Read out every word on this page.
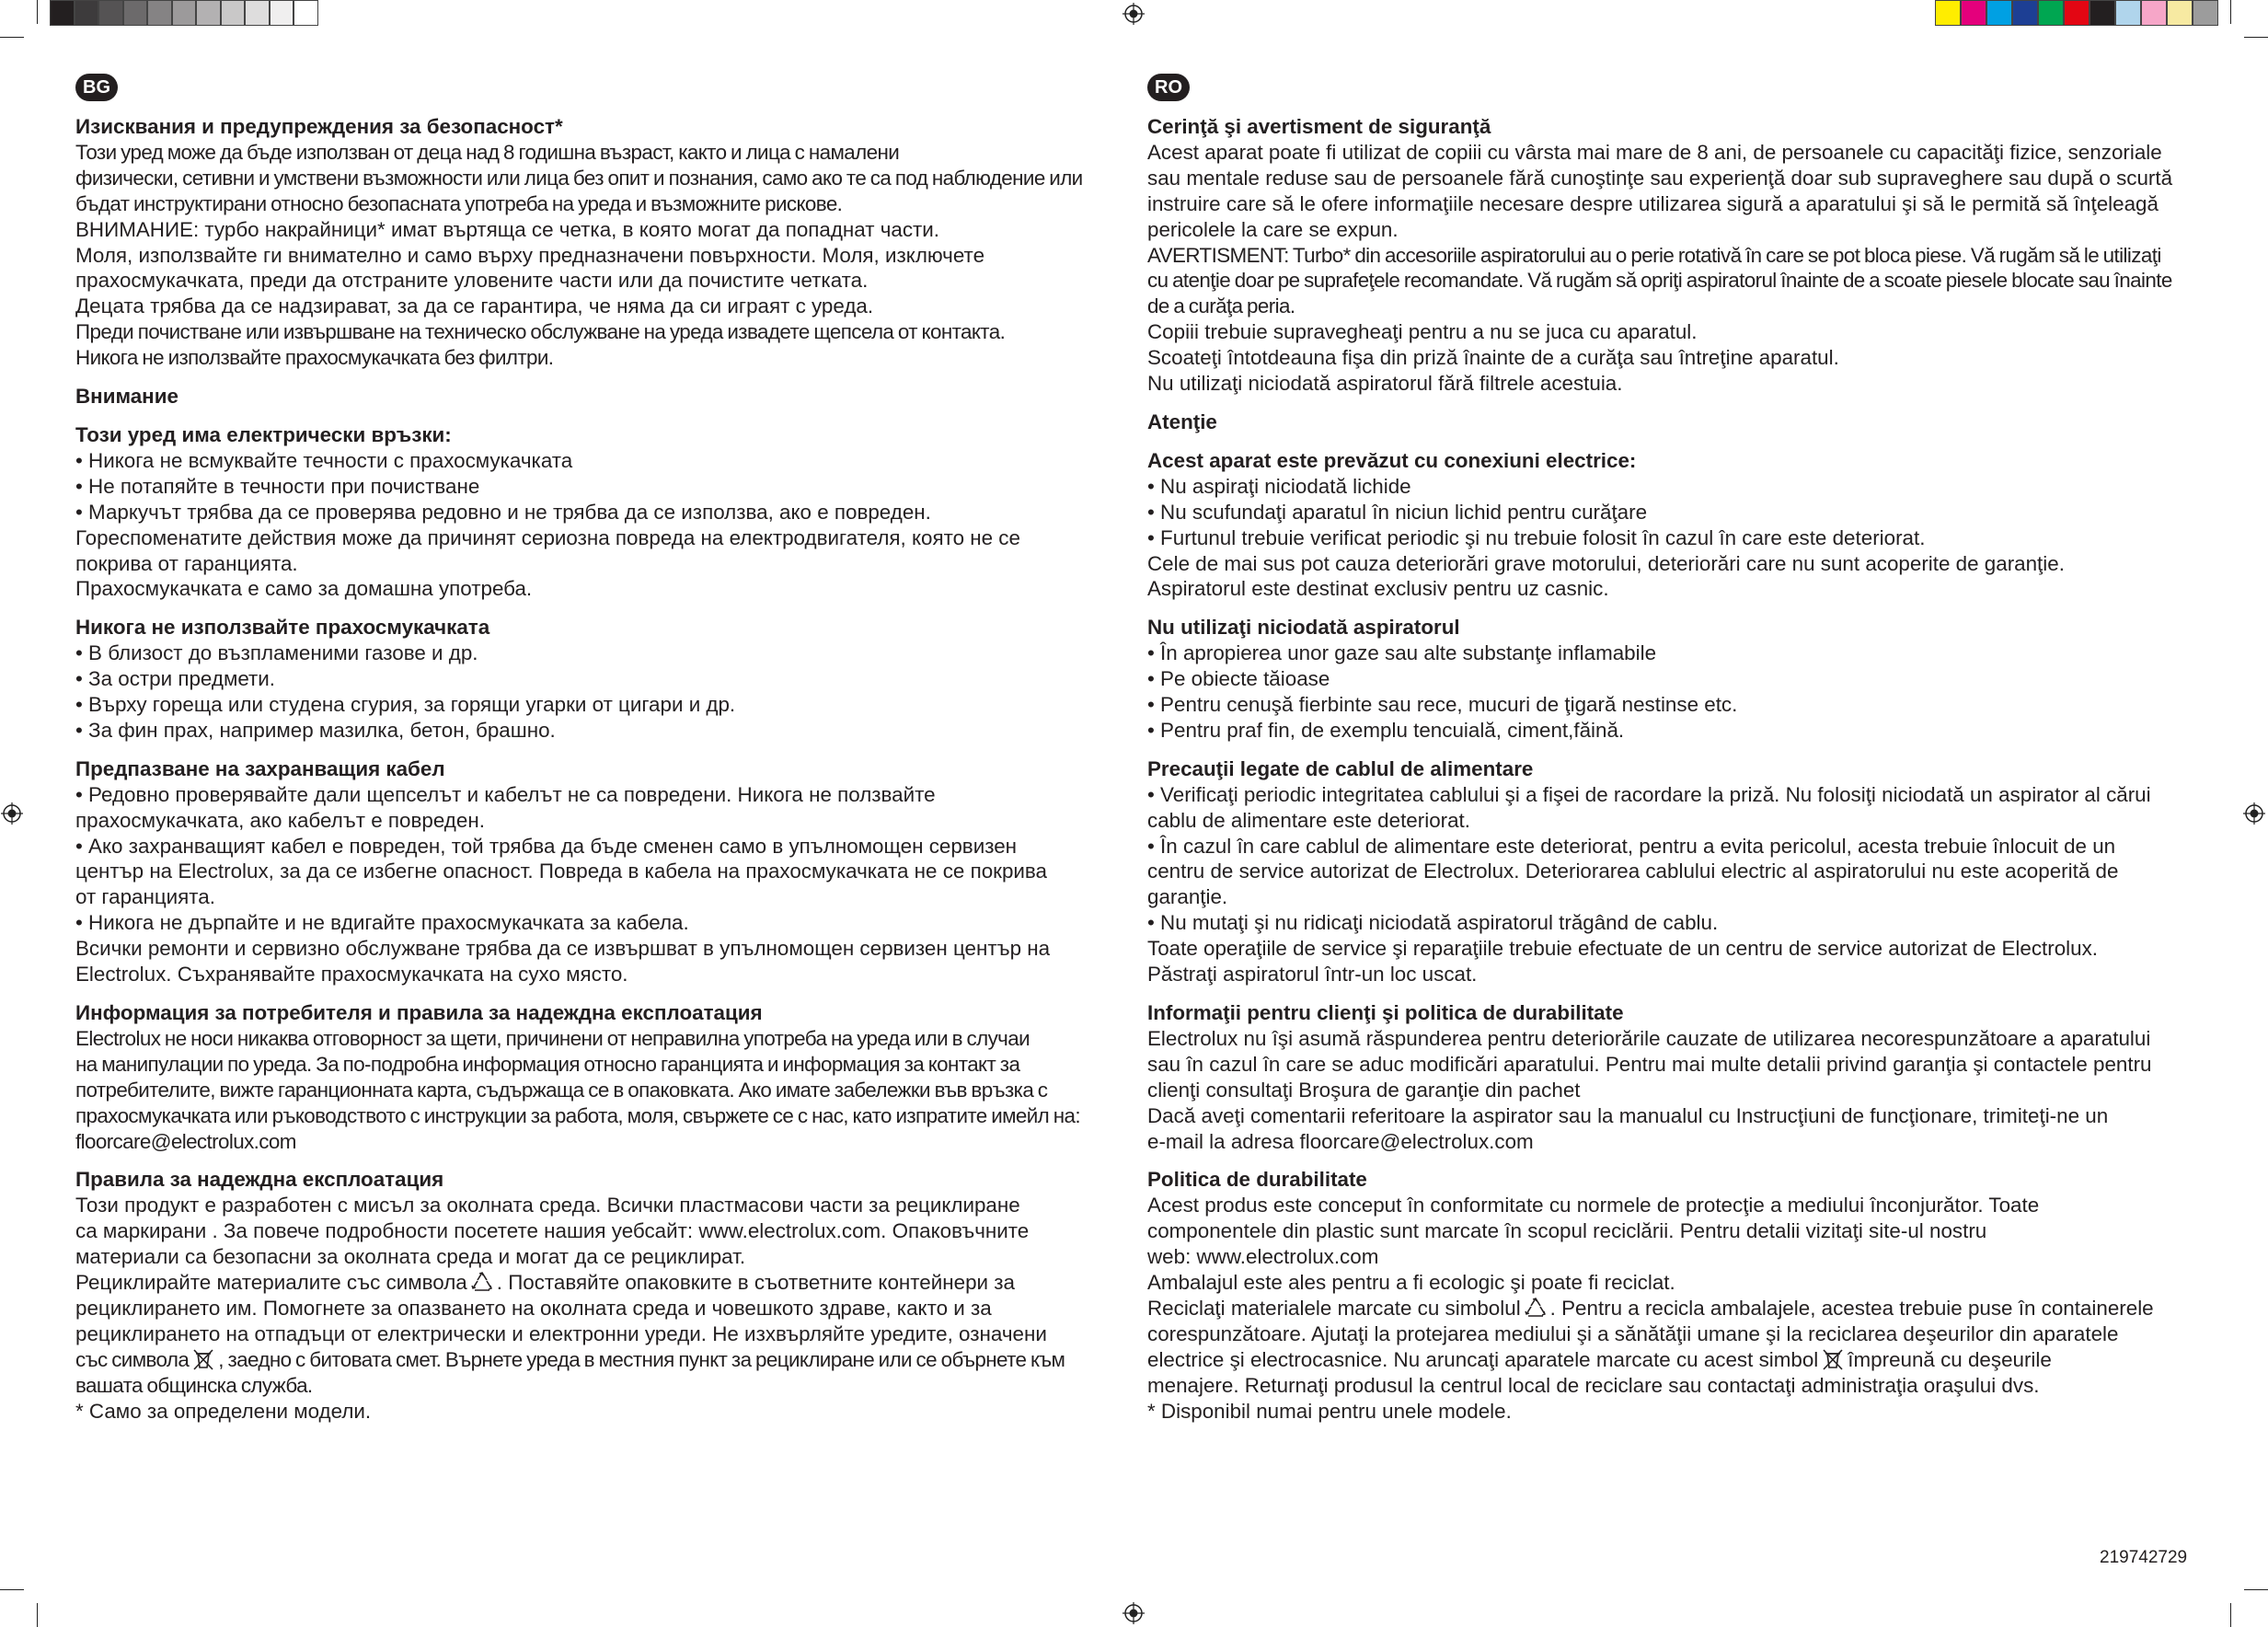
BG
Изисквания и предупреждения за безопасност*

Този уред може да бъде използван от деца над 8 годишна възраст, както и лица с намалени

физически, сетивни и умствени възможности или лица без опит и познания, само ако те са под наблюдение или

бъдат инструктирани относно безопасната употреба на уреда и възможните рискове.

ВНИМАНИЕ: турбо накрайници* имат въртяща се четка, в която могат да попаднат части.

Моля, използвайте ги внимателно и само върху предназначени повърхности. Моля, изключете

прахосмукачката, преди да отстраните уловените части или да почистите четката.

Децата трябва да се надзирават, за да се гарантира, че няма да си играят с уреда.

Преди почистване или извършване на техническо обслужване на уреда извадете щепсела от контакта.

Никога не използвайте прахосмукачката без филтри.

Внимание
Този уред има електрически връзки:

• Никога не всмуквайте течности с прахосмукачката

• Не потапяйте в течности при почистване

• Маркучът трябва да се проверява редовно и не трябва да се използва, ако е повреден.

Гореспоменатите действия може да причинят сериозна повреда на електродвигателя, която не се

покрива от гаранцията.

Прахосмукачката е само за домашна употреба.

Никога не използвайте прахосмукачката

• В близост до възпламеними газове и др.

• За остри предмети.

• Върху гореща или студена сгурия, за горящи угарки от цигари и др.

• За фин прах, например мазилка, бетон, брашно.

Предпазване на захранващия кабел

• Редовно проверявайте дали щепселът и кабелът не са повредени. Никога не ползвайте

прахосмукачката, ако кабелът е повреден.

• Ако захранващият кабел е повреден, той трябва да бъде сменен само в упълномощен сервизен

център на Electrolux, за да се избегне опасност. Повреда в кабела на прахосмукачката не се покрива

от гаранцията.

• Никога не дърпайте и не вдигайте прахосмукачката за кабела.

Всички ремонти и сервизно обслужване трябва да се извършват в упълномощен сервизен център на

Electrolux. Съхранявайте прахосмукачката на сухо място.

Информация за потребителя и правила за надеждна експлоатация

Electrolux не носи никаква отговорност за щети, причинени от неправилна употреба на уреда или в случаи

на манипулации по уреда. За по-подробна информация относно гаранцията и информация за контакт за

потребителите, вижте гаранционната карта, съдържаща се в опаковката. Ако имате забележки във връзка с

прахосмукачката или ръководството с инструкции за работа, моля, свържете се с нас, като изпратите имейл на:

floorcare@electrolux.com

Правила за надеждна експлоатация

Този продукт е разработен с мисъл за околната среда. Всички пластмасови части за рециклиране

са маркирани . За повече подробности посетете нашия уебсайт: www.electrolux.com. Опаковъчните

материали са безопасни за околната среда и могат да се рециклират.

Рециклирайте материалите със символа . Поставяйте опаковките в съответните контейнери за

рециклирането им. Помогнете за опазването на околната среда и човешкото здраве, както и за

рециклирането на отпадъци от електрически и електронни уреди. Не изхвърляйте уредите, означени

със символа , заедно с битовата смет. Върнете уреда в местния пункт за рециклиране или се обърнете към

вашата общинска служба.

* Само за определени модели.

RO
Cerinţă şi avertisment de siguranţă

Acest aparat poate fi utilizat de copiii cu vârsta mai mare de 8 ani, de persoanele cu capacităţi fizice, senzoriale

sau mentale reduse sau de persoanele fără cunoştinţe sau experienţă doar sub supraveghere sau după o scurtă

instruire care să le ofere informaţiile necesare despre utilizarea sigură a aparatului şi să le permită să înţeleagă

pericolele la care se expun.

AVERTISMENT: Turbo* din accesoriile aspiratorului au o perie rotativă în care se pot bloca piese. Vă rugăm să le utilizaţi

cu atenţie doar pe suprafeţele recomandate. Vă rugăm să opriţi aspiratorul înainte de a scoate piesele blocate sau înainte

de a curăţa peria.

Copiii trebuie supravegheaţi pentru a nu se juca cu aparatul.

Scoateţi întotdeauna fişa din priză înainte de a curăţa sau întreţine aparatul.

Nu utilizaţi niciodată aspiratorul fără filtrele acestuia.

Atenţie
Acest aparat este prevăzut cu conexiuni electrice:

• Nu aspiraţi niciodată lichide

• Nu scufundaţi aparatul în niciun lichid pentru curăţare

• Furtunul trebuie verificat periodic şi nu trebuie folosit în cazul în care este deteriorat.

Cele de mai sus pot cauza deteriorări grave motorului, deteriorări care nu sunt acoperite de garanţie.

Aspiratorul este destinat exclusiv pentru uz casnic.

Nu utilizaţi niciodată aspiratorul

• În apropierea unor gaze sau alte substanţe inflamabile

• Pe obiecte tăioase

• Pentru cenuşă fierbinte sau rece, mucuri de ţigară nestinse etc.

• Pentru praf fin, de exemplu tencuială, ciment,făină.

Precauţii legate de cablul de alimentare

• Verificaţi periodic integritatea cablului şi a fişei de racordare la priză. Nu folosiţi niciodată un aspirator al cărui

cablu de alimentare este deteriorat.

• În cazul în care cablul de alimentare este deteriorat, pentru a evita pericolul, acesta trebuie înlocuit de un

centru de service autorizat de Electrolux. Deteriorarea cablului electric al aspiratorului nu este acoperită de

garanţie.

• Nu mutaţi şi nu ridicaţi niciodată aspiratorul trăgând de cablu.

Toate operaţiile de service şi reparaţiile trebuie efectuate de un centru de service autorizat de Electrolux.

Păstraţi aspiratorul într-un loc uscat.

Informaţii pentru clienţi şi politica de durabilitate

Electrolux nu îşi asumă răspunderea pentru deteriorările cauzate de utilizarea necorespunzătoare a aparatului

sau în cazul în care se aduc modificări aparatului. Pentru mai multe detalii privind garanţia şi contactele pentru

clienţi consultaţi Broşura de garanţie din pachet

Dacă aveţi comentarii referitoare la aspirator sau la manualul cu Instrucţiuni de funcţionare, trimiteţi-ne un

e-mail la adresa floorcare@electrolux.com

Politica de durabilitate

Acest produs este conceput în conformitate cu normele de protecţie a mediului înconjurător. Toate

componentele din plastic sunt marcate în scopul reciclării. Pentru detalii vizitaţi site-ul nostru

web: www.electrolux.com

Ambalajul este ales pentru a fi ecologic şi poate fi reciclat.

Reciclaţi materialele marcate cu simbolul . Pentru a recicla ambalajele, acestea trebuie puse în containerele

corespunzătoare. Ajutaţi la protejarea mediului şi a sănătăţii umane şi la reciclarea deşeurilor din aparatele

electrice şi electrocasnice. Nu aruncaţi aparatele marcate cu acest simbol împreună cu deşeurile

menajere. Returnaţi produsul la centrul local de reciclare sau contactaţi administraţia oraşului dvs.

* Disponibil numai pentru unele modele.

219742729
